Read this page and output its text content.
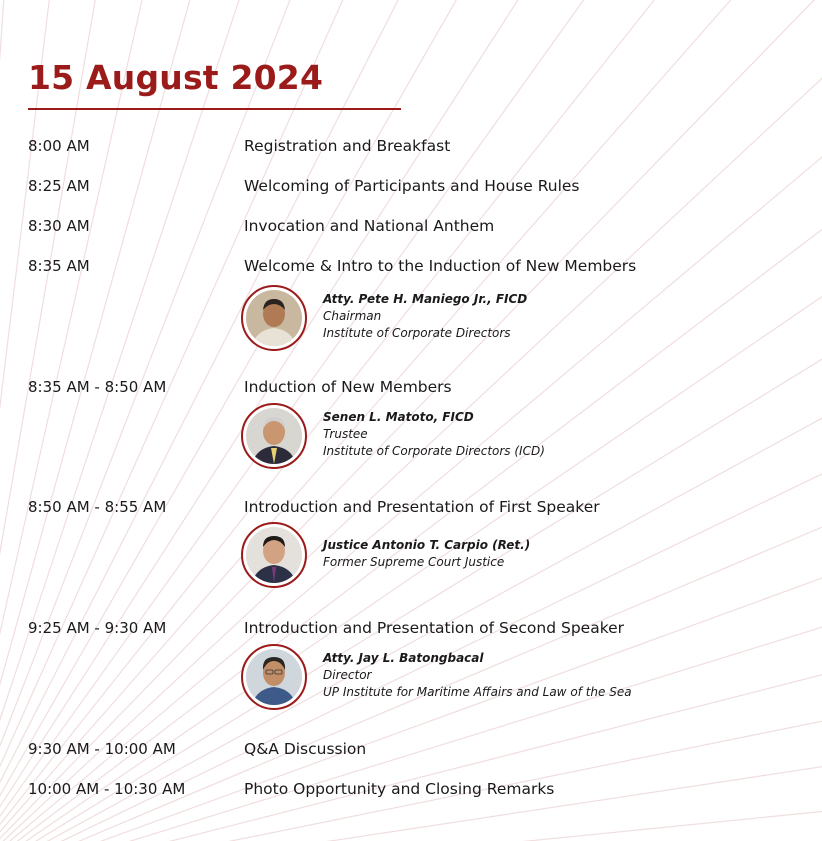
15 August 2024
8:00 AM	Registration and Breakfast
8:25 AM	Welcoming of Participants and House Rules
8:30 AM	Invocation and National Anthem
8:35 AM	Welcome & Intro to the Induction of New Members
Atty. Pete H. Maniego Jr., FICD
Chairman
Institute of Corporate Directors
8:35 AM - 8:50 AM	Induction of New Members
Senen L. Matoto, FICD
Trustee
Institute of Corporate Directors (ICD)
8:50 AM - 8:55 AM	Introduction and Presentation of First Speaker
Justice Antonio T. Carpio (Ret.)
Former Supreme Court Justice
9:25 AM - 9:30 AM	Introduction and Presentation of Second Speaker
Atty. Jay L. Batongbacal
Director
UP Institute for Maritime Affairs and Law of the Sea
9:30 AM - 10:00 AM	Q&A Discussion
10:00 AM - 10:30 AM	Photo Opportunity and Closing Remarks
